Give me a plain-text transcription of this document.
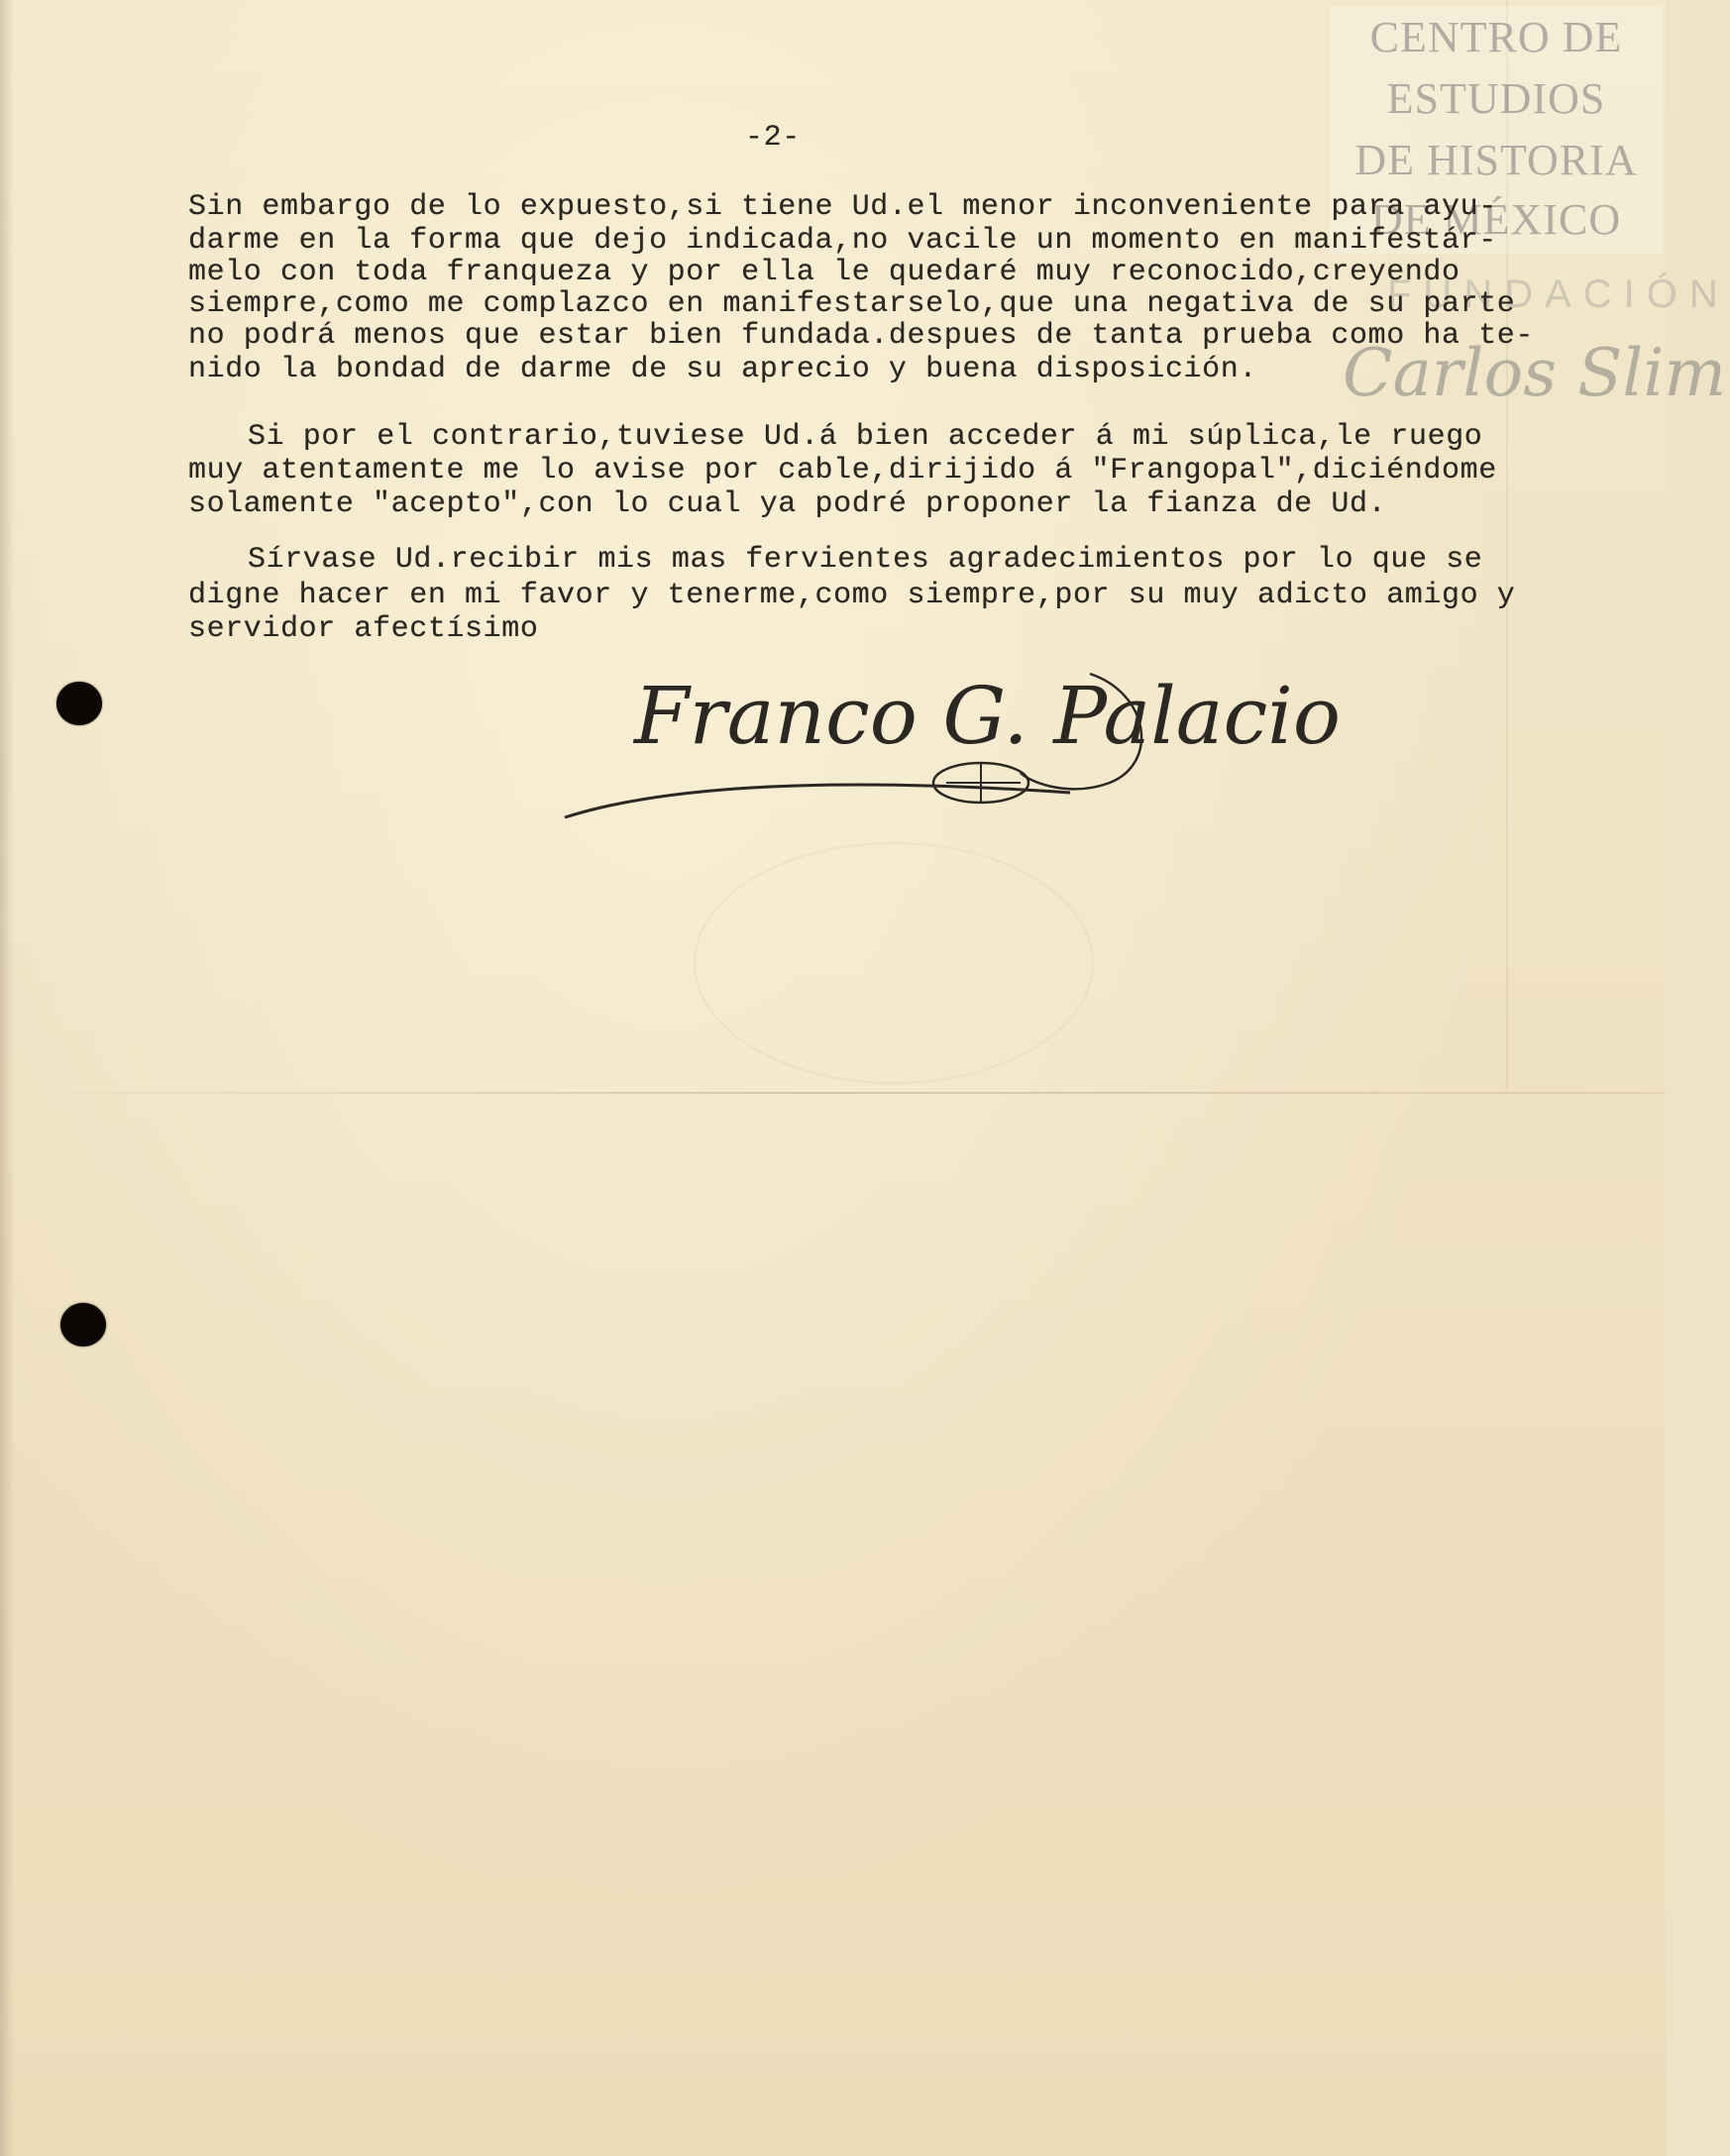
CENTRO DE
ESTUDIOS
DE HISTORIA
DE MÉXICO
FUNDACIÓN
Carlos Slim
-2-
Sin embargo de lo expuesto,si tiene Ud.el menor inconveniente para ayu-
darme en la forma que dejo indicada,no vacile un momento en manifestár-
melo con toda franqueza y por ella le quedaré muy reconocido,creyendo
siempre,como me complazco en manifestarselo,que una negativa de su parte
no podrá menos que estar bien fundada.despues de tanta prueba como ha te-
nido la bondad de darme de su aprecio y buena disposición.
Si por el contrario,tuviese Ud.á bien acceder á mi súplica,le ruego
muy atentamente me lo avise por cable,dirijido á "Frangopal",diciéndome
solamente "acepto",con lo cual ya podré proponer la fianza de Ud.
Sírvase Ud.recibir mis mas fervientes agradecimientos por lo que se
digne hacer en mi favor y tenerme,como siempre,por su muy adicto amigo y
servidor afectísimo
Franco G. Palacio
